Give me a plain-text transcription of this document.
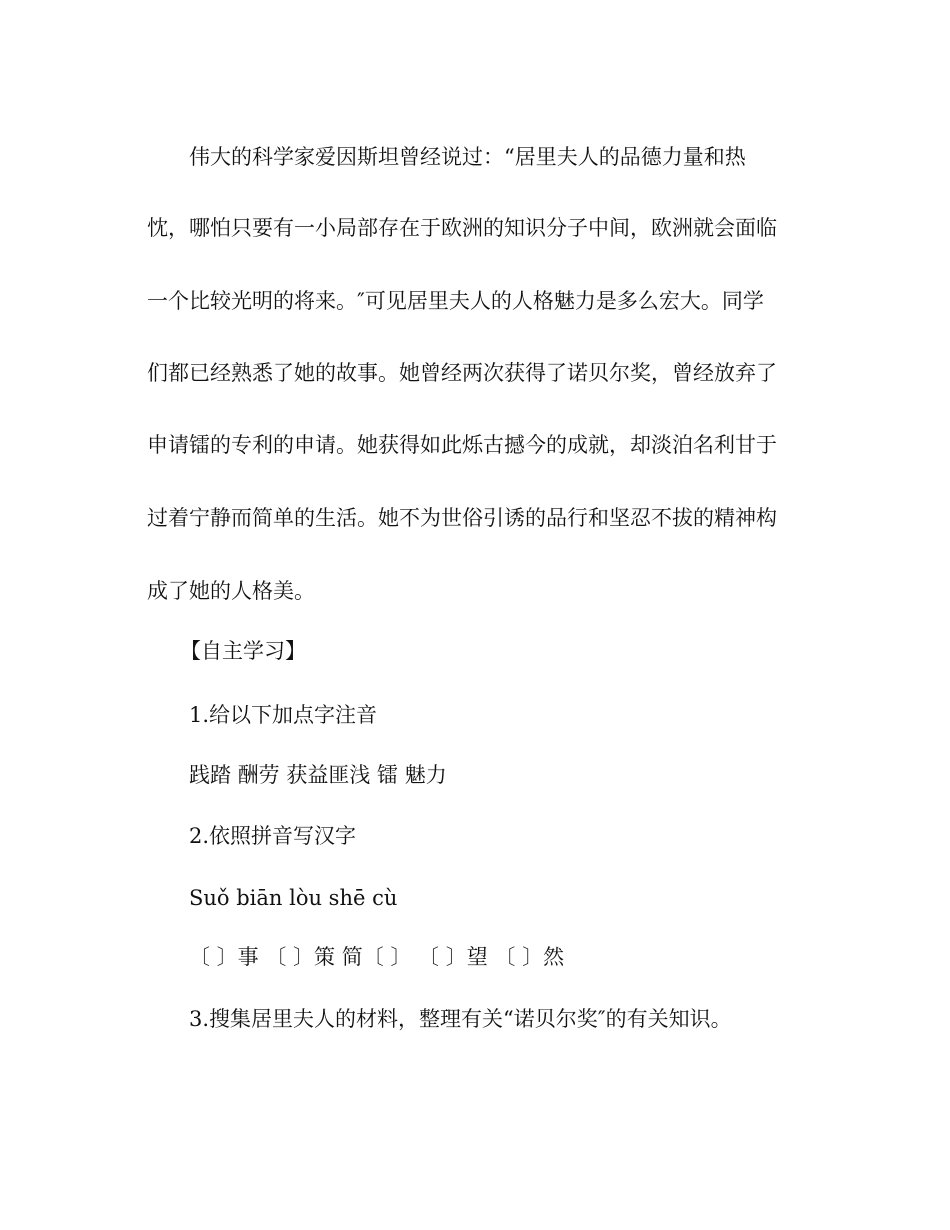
伟大的科学家爱因斯坦曾经说过：“居里夫人的品德力量和热
忱，哪怕只要有一小局部存在于欧洲的知识分子中间，欧洲就会面临
一个比较光明的将来。″可见居里夫人的人格魅力是多么宏大。同学
们都已经熟悉了她的故事。她曾经两次获得了诺贝尔奖，曾经放弃了
申请镭的专利的申请。她获得如此烁古撼今的成就，却淡泊名利甘于
过着宁静而简单的生活。她不为世俗引诱的品行和坚忍不拔的精神构
成了她的人格美。
【自主学习】
1.给以下加点字注音
践踏 酬劳 获益匪浅 镭 魅力
2.依照拼音写汉字
Suǒ biān lòu shē cù
〔 〕事 〔 〕策 简〔 〕 〔 〕望 〔 〕然
3.搜集居里夫人的材料，整理有关“诺贝尔奖″的有关知识。
